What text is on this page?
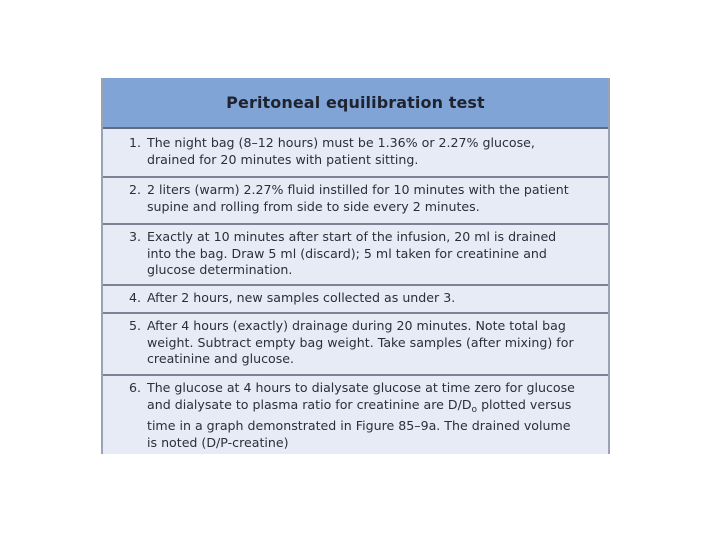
Peritoneal equilibration test
1. The night bag (8–12 hours) must be 1.36% or 2.27% glucose, drained for 20 minutes with patient sitting.
2. 2 liters (warm) 2.27% fluid instilled for 10 minutes with the patient supine and rolling from side to side every 2 minutes.
3. Exactly at 10 minutes after start of the infusion, 20 ml is drained into the bag. Draw 5 ml (discard); 5 ml taken for creatinine and glucose determination.
4. After 2 hours, new samples collected as under 3.
5. After 4 hours (exactly) drainage during 20 minutes. Note total bag weight. Subtract empty bag weight. Take samples (after mixing) for creatinine and glucose.
6. The glucose at 4 hours to dialysate glucose at time zero for glucose and dialysate to plasma ratio for creatinine are $D/D_o$ plotted versus time in a graph demonstrated in Figure 85–9a. The drained volume is noted (D/P-creatine)
